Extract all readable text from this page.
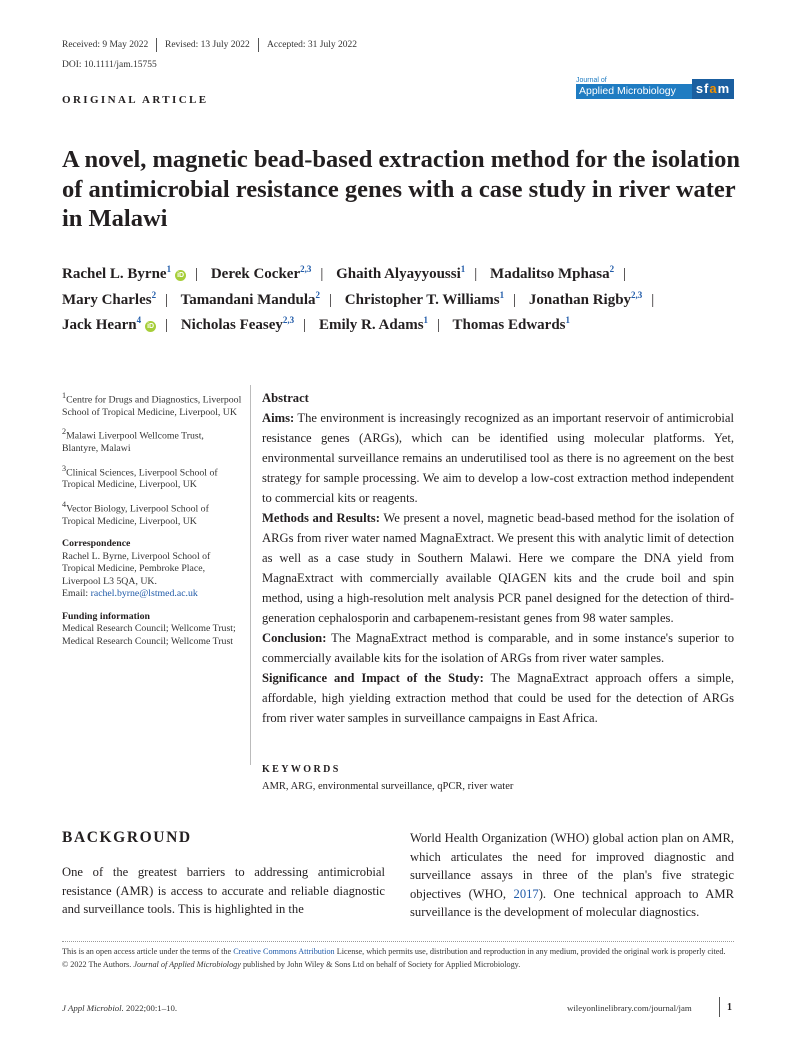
Received: 9 May 2022 Revised: 13 July 2022 Accepted: 31 July 2022
DOI: 10.1111/jam.15755
ORIGINAL ARTICLE
Journal of
Applied Microbiology	sfam
A novel, magnetic bead-based extraction method for the isolation of antimicrobial resistance genes with a case study in river water in Malawi
Rachel L. Byrne$^1$iD | Derek Cocker$^{2,3}$ | Ghaith Alyayyoussi$^1$ | Madalitso Mphasa$^2$ | Mary Charles$^2$ | Tamandani Mandula$^2$ | Christopher T. Williams$^1$ | Jonathan Rigby$^{2,3}$ | Jack Hearn$^4$iD | Nicholas Feasey$^{2,3}$ | Emily R. Adams$^1$ | Thomas Edwards$^1$

$^1$Centre for Drugs and Diagnostics, Liverpool School of Tropical Medicine, Liverpool, UK

$^2$Malawi Liverpool Wellcome Trust, Blantyre, Malawi

$^3$Clinical Sciences, Liverpool School of Tropical Medicine, Liverpool, UK

$^4$Vector Biology, Liverpool School of Tropical Medicine, Liverpool, UK

Correspondence
Rachel L. Byrne, Liverpool School of Tropical Medicine, Pembroke Place, Liverpool L3 5QA, UK.
Email: rachel.byrne@lstmed.ac.uk
Funding information
Medical Research Council; Wellcome Trust; Medical Research Council; Wellcome Trust
Abstract

Aims: The environment is increasingly recognized as an important reservoir of antimicrobial resistance genes (ARGs), which can be identified using molecular platforms. Yet, environmental surveillance remains an underutilised tool as there is no agreement on the best strategy for sample processing. We aim to develop a low-cost extraction method independent to commercial kits or reagents.

Methods and Results: We present a novel, magnetic bead-based method for the isolation of ARGs from river water named MagnaExtract. We present this with analytic limit of detection as well as a case study in Southern Malawi. Here we compare the DNA yield from MagnaExtract with commercially available QIAGEN kits and the crude boil and spin method, using a high-resolution melt analysis PCR panel designed for the detection of third-generation cephalosporin and carbapenem-resistant genes from 98 water samples.

Conclusion: The MagnaExtract method is comparable, and in some instance's superior to commercially available kits for the isolation of ARGs from river water samples.

Significance and Impact of the Study: The MagnaExtract approach offers a simple, affordable, high yielding extraction method that could be used for the detection of ARGs from river water samples in surveillance campaigns in East Africa.

KEYWORDS
AMR, ARG, environmental surveillance, qPCR, river water
BACKGROUND

One of the greatest barriers to addressing antimicrobial resistance (AMR) is access to accurate and reliable diagnostic and surveillance tools. This is highlighted in the

World Health Organization (WHO) global action plan on AMR, which articulates the need for improved diagnostic and surveillance assays in three of the plan's five strategic objectives (WHO, 2017). One technical approach to AMR surveillance is the development of molecular diagnostics.

This is an open access article under the terms of the Creative Commons Attribution License, which permits use, distribution and reproduction in any medium, provided the original work is properly cited.

© 2022 The Authors. Journal of Applied Microbiology published by John Wiley & Sons Ltd on behalf of Society for Applied Microbiology.

J Appl Microbiol. 2022;00:1–10.	wileyonlinelibrary.com/journal/jam	1
